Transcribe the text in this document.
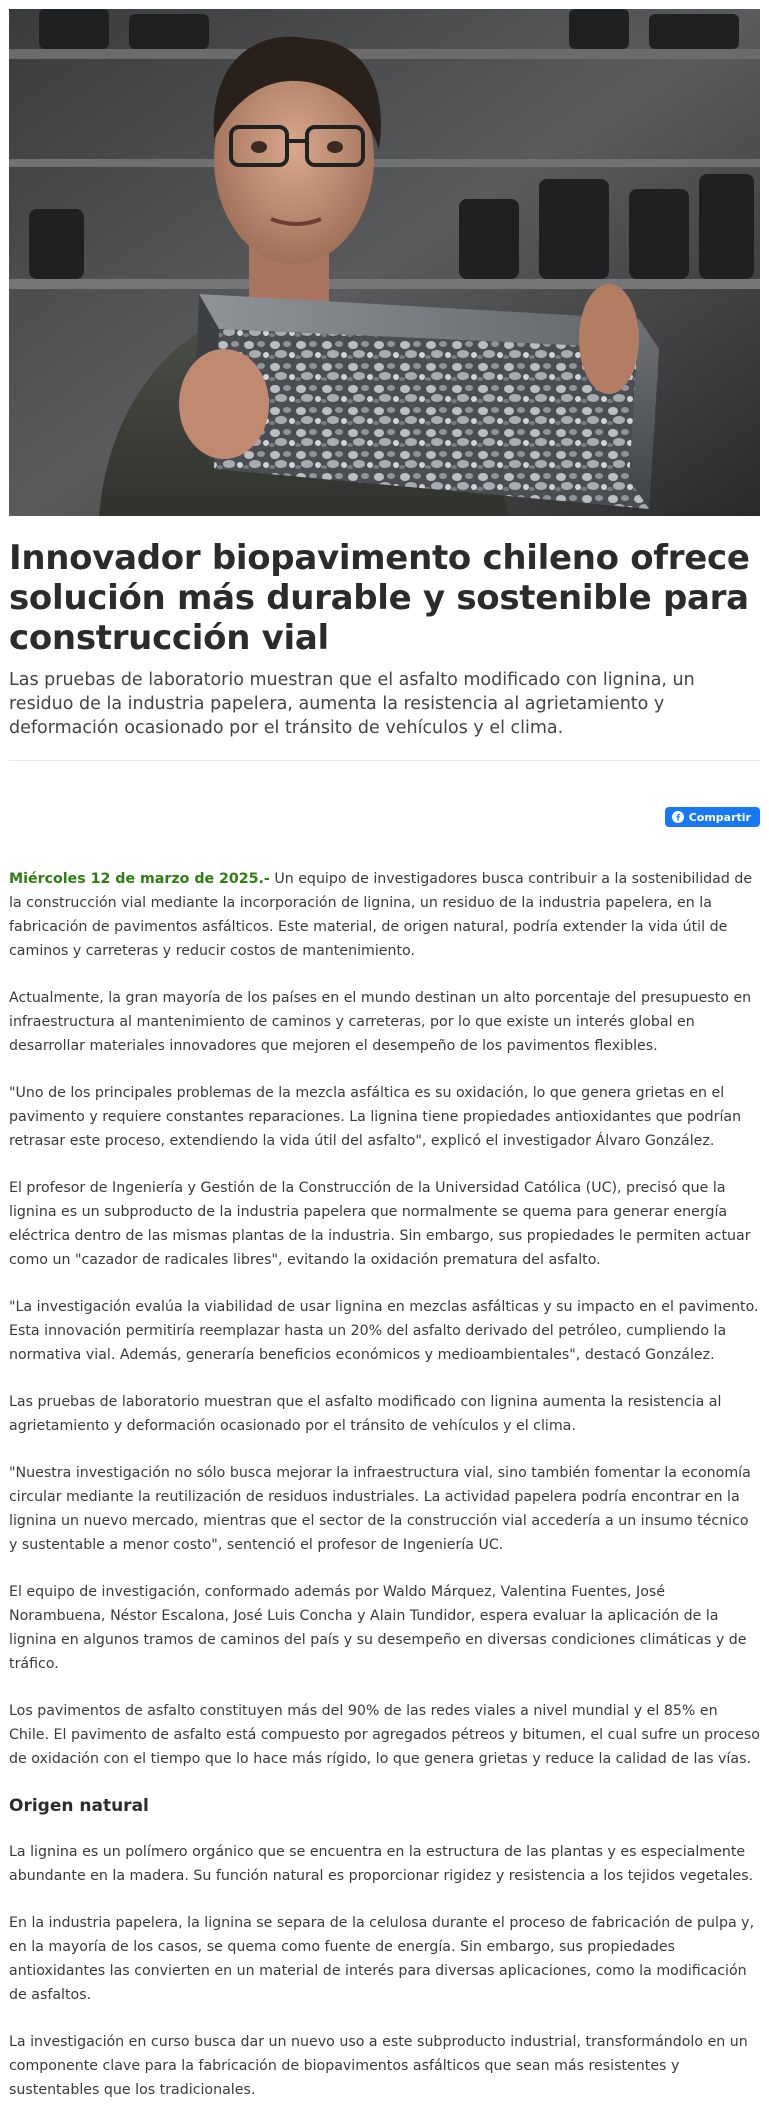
Innovador biopavimento chileno ofrece solución más durable y sostenible para construcción vial

Las pruebas de laboratorio muestran que el asfalto modificado con lignina, un residuo de la industria papelera, aumenta la resistencia al agrietamiento y deformación ocasionado por el tránsito de vehículos y el clima.

Compartir

Miércoles 12 de marzo de 2025.- Un equipo de investigadores busca contribuir a la sostenibilidad de la construcción vial mediante la incorporación de lignina, un residuo de la industria papelera, en la fabricación de pavimentos asfálticos. Este material, de origen natural, podría extender la vida útil de caminos y carreteras y reducir costos de mantenimiento.

Actualmente, la gran mayoría de los países en el mundo destinan un alto porcentaje del presupuesto en infraestructura al mantenimiento de caminos y carreteras, por lo que existe un interés global en desarrollar materiales innovadores que mejoren el desempeño de los pavimentos flexibles.

"Uno de los principales problemas de la mezcla asfáltica es su oxidación, lo que genera grietas en el pavimento y requiere constantes reparaciones. La lignina tiene propiedades antioxidantes que podrían retrasar este proceso, extendiendo la vida útil del asfalto", explicó el investigador Álvaro González.

El profesor de Ingeniería y Gestión de la Construcción de la Universidad Católica (UC), precisó que la lignina es un subproducto de la industria papelera que normalmente se quema para generar energía eléctrica dentro de las mismas plantas de la industria. Sin embargo, sus propiedades le permiten actuar como un "cazador de radicales libres", evitando la oxidación prematura del asfalto.

"La investigación evalúa la viabilidad de usar lignina en mezclas asfálticas y su impacto en el pavimento. Esta innovación permitiría reemplazar hasta un 20% del asfalto derivado del petróleo, cumpliendo la normativa vial. Además, generaría beneficios económicos y medioambientales", destacó González.

Las pruebas de laboratorio muestran que el asfalto modificado con lignina aumenta la resistencia al agrietamiento y deformación ocasionado por el tránsito de vehículos y el clima.

"Nuestra investigación no sólo busca mejorar la infraestructura vial, sino también fomentar la economía circular mediante la reutilización de residuos industriales. La actividad papelera podría encontrar en la lignina un nuevo mercado, mientras que el sector de la construcción vial accedería a un insumo técnico y sustentable a menor costo", sentenció el profesor de Ingeniería UC.

El equipo de investigación, conformado además por Waldo Márquez, Valentina Fuentes, José Norambuena, Néstor Escalona, José Luis Concha y Alain Tundidor, espera evaluar la aplicación de la lignina en algunos tramos de caminos del país y su desempeño en diversas condiciones climáticas y de tráfico.

Los pavimentos de asfalto constituyen más del 90% de las redes viales a nivel mundial y el 85% en Chile. El pavimento de asfalto está compuesto por agregados pétreos y bitumen, el cual sufre un proceso de oxidación con el tiempo que lo hace más rígido, lo que genera grietas y reduce la calidad de las vías.

Origen natural

La lignina es un polímero orgánico que se encuentra en la estructura de las plantas y es especialmente abundante en la madera. Su función natural es proporcionar rigidez y resistencia a los tejidos vegetales.

En la industria papelera, la lignina se separa de la celulosa durante el proceso de fabricación de pulpa y, en la mayoría de los casos, se quema como fuente de energía. Sin embargo, sus propiedades antioxidantes las convierten en un material de interés para diversas aplicaciones, como la modificación de asfaltos.

La investigación en curso busca dar un nuevo uso a este subproducto industrial, transformándolo en un componente clave para la fabricación de biopavimentos asfálticos que sean más resistentes y sustentables que los tradicionales.
